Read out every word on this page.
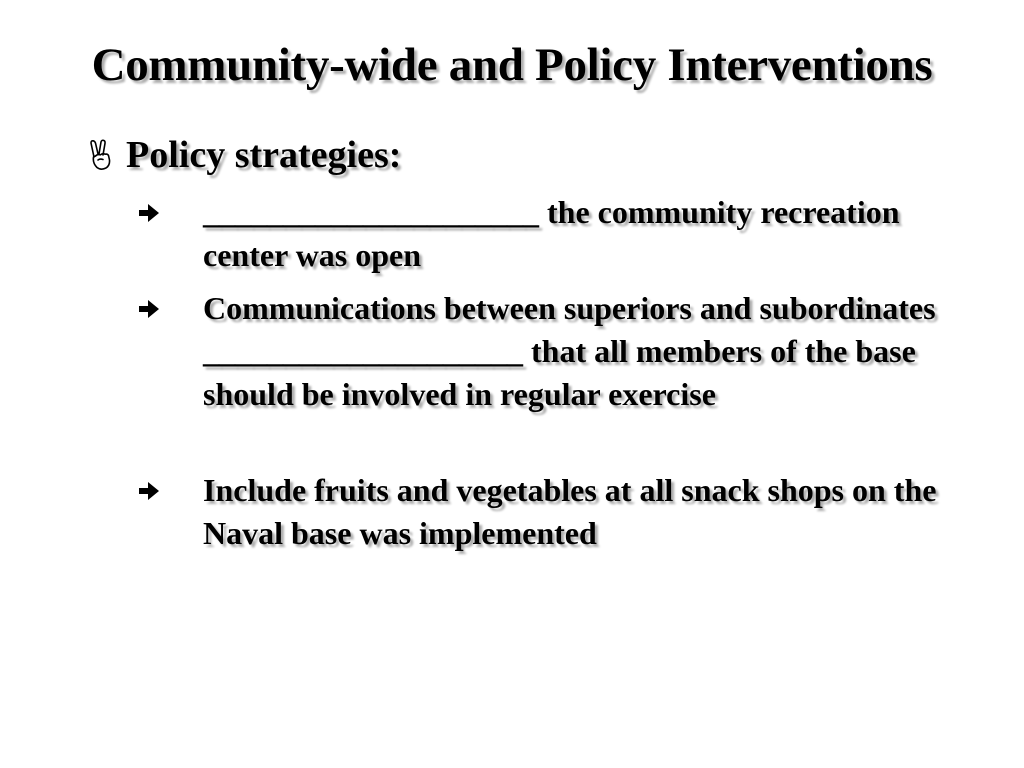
Community-wide and Policy Interventions
Policy strategies:
_____________________ the community recreation center was open
Communications between superiors and subordinates ____________________ that all members of the base should be involved in regular exercise
Include fruits and vegetables at all snack shops on the Naval base was implemented
